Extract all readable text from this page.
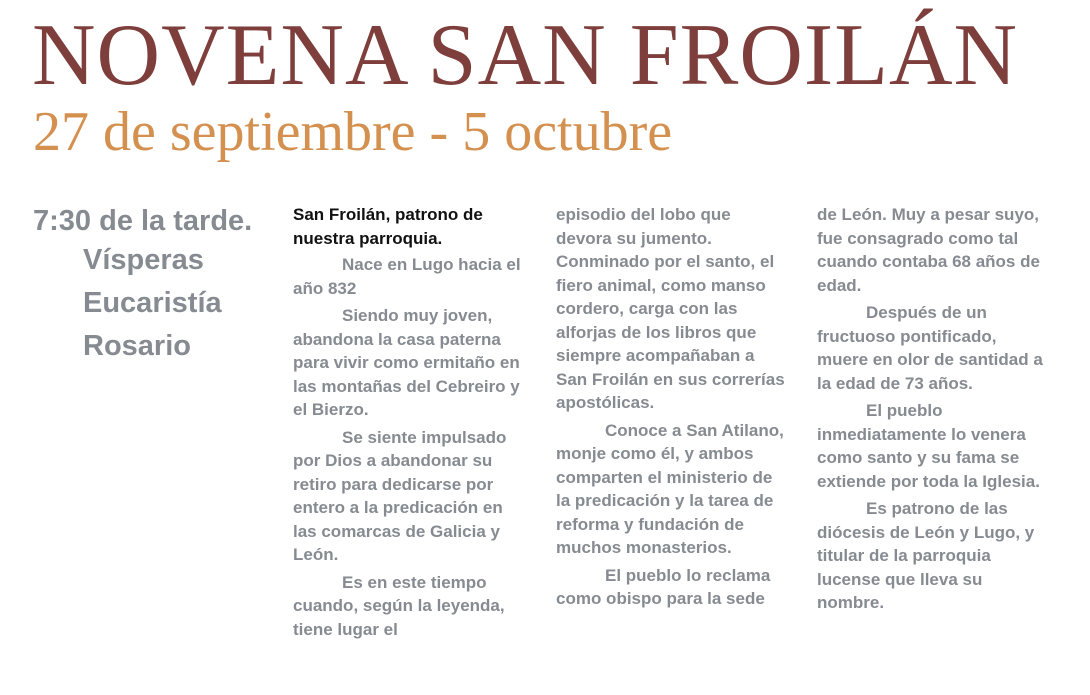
NOVENA SAN FROILÁN
27 de septiembre - 5 octubre
7:30 de la tarde.
Vísperas
Eucaristía
Rosario

San Froilán, patrono de nuestra parroquia.

Nace en Lugo hacia el año 832

Siendo muy joven, abandona la casa paterna para vivir como ermitaño en las montañas del Cebreiro y el Bierzo.

Se siente impulsado por Dios a abandonar su retiro para dedicarse por entero a la predicación en las comarcas de Galicia y León.

Es en este tiempo cuando, según la leyenda, tiene lugar el

episodio del lobo que devora su jumento. Conminado por el santo, el fiero animal, como manso cordero, carga con las alforjas de los libros que siempre acompañaban a San Froilán en sus correrías apostólicas.

Conoce a San Atilano, monje como él, y ambos comparten el ministerio de la predicación y la tarea de reforma y fundación de muchos monasterios.

El pueblo lo reclama como obispo para la sede

de León. Muy a pesar suyo, fue consagrado como tal cuando contaba 68 años de edad.

Después de un fructuoso pontificado, muere en olor de santidad a la edad de 73 años.

El pueblo inmediatamente lo venera como santo y su fama se extiende por toda la Iglesia.

Es patrono de las diócesis de León y Lugo, y titular de la parroquia lucense que lleva su nombre.
